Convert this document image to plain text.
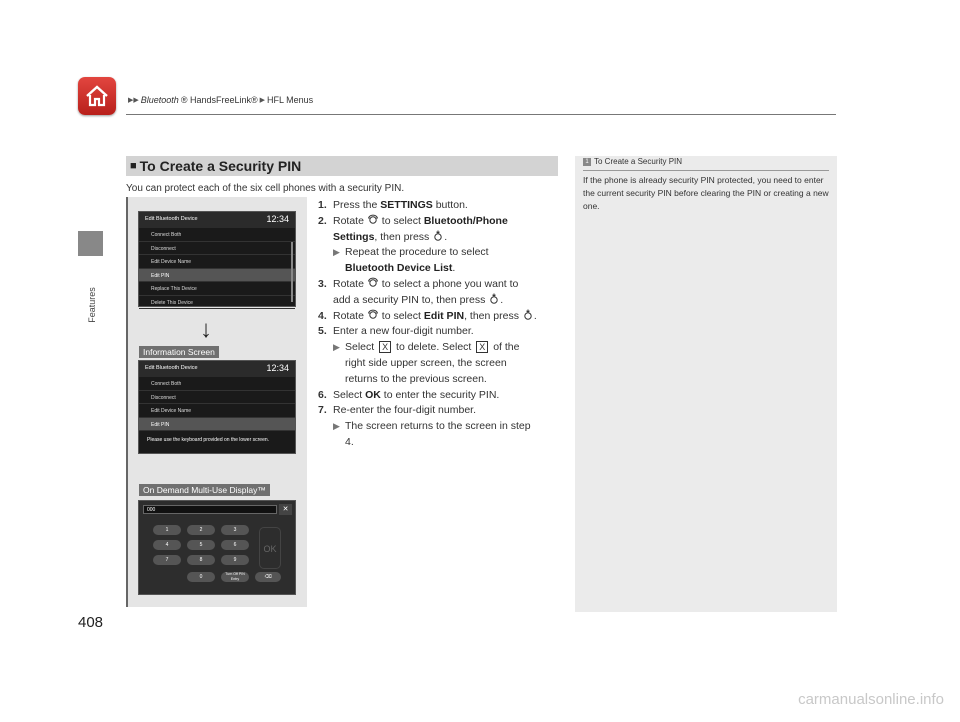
▶▶ Bluetooth ® HandsFreeLink® ▶ HFL Menus
Features
408
■ To Create a Security PIN
You can protect each of the six cell phones with a security PIN.
Edit Bluetooth Device	12:34
Connect Both
Disconnect
Edit Device Name
Edit PIN
Replace This Device
Delete This Device
↓
Information Screen
Edit Bluetooth Device	12:34
Connect Both
Disconnect
Edit Device Name
Edit PIN
Please use the keyboard provided on the lower screen.
On Demand Multi-Use Display™
000	✕
1	2	3
4	5	6
7	8	9
0	Turn Off PIN Entry	⌫
OK
1. Press the SETTINGS button.
2. Rotate  to select Bluetooth/Phone
Settings, then press .
▶ Repeat the procedure to select
Bluetooth Device List.
3. Rotate  to select a phone you want to
add a security PIN to, then press .
4. Rotate  to select Edit PIN, then press .
5. Enter a new four-digit number.
▶ Select X to delete. Select X of the
right side upper screen, the screen
returns to the previous screen.
6. Select OK to enter the security PIN.
7. Re-enter the four-digit number.
▶ The screen returns to the screen in step
4.
1 To Create a Security PIN
If the phone is already security PIN protected, you need to enter the current security PIN before clearing the PIN or creating a new one.
carmanualsonline.info
